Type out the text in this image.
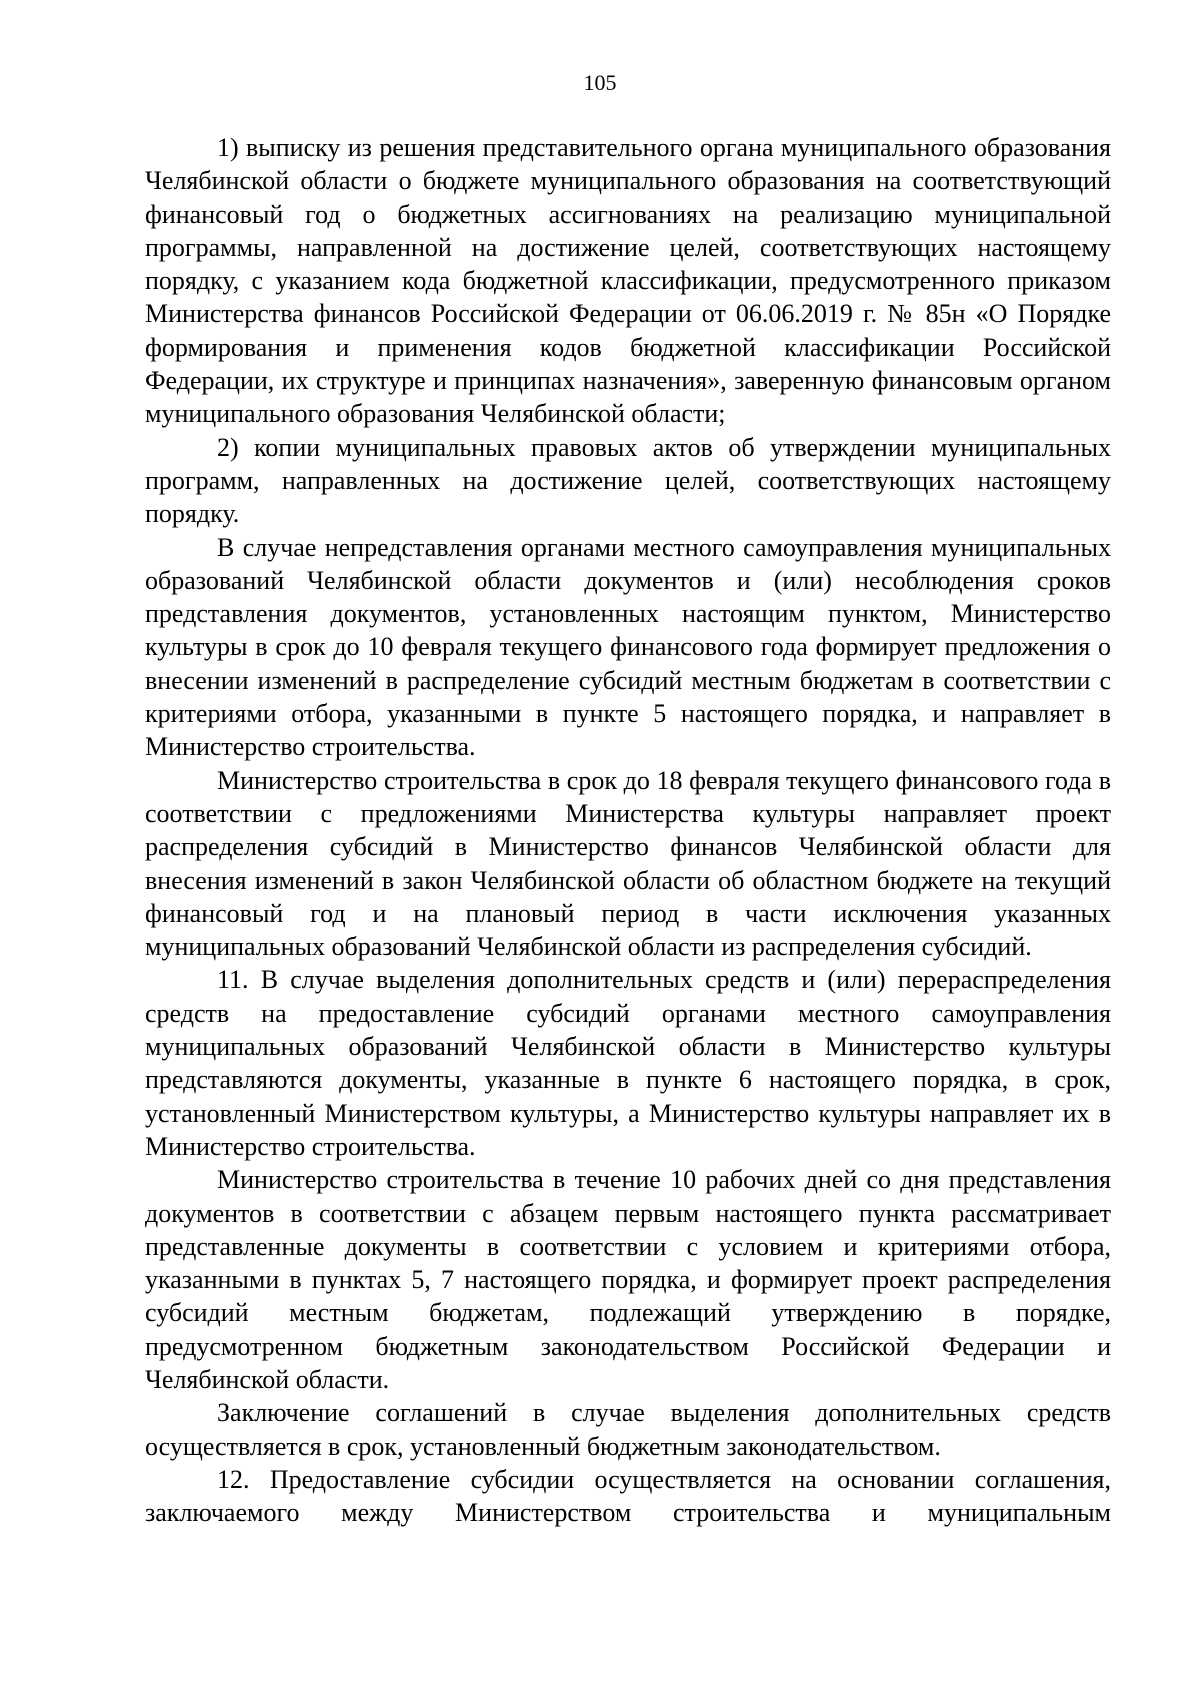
105

1) выписку из решения представительного органа муниципального образования Челябинской области о бюджете муниципального образования на соответствующий финансовый год о бюджетных ассигнованиях на реализацию муниципальной программы, направленной на достижение целей, соответствующих настоящему порядку, с указанием кода бюджетной классификации, предусмотренного приказом Министерства финансов Российской Федерации от 06.06.2019 г. № 85н «О Порядке формирования и применения кодов бюджетной классификации Российской Федерации, их структуре и принципах назначения», заверенную финансовым органом муниципального образования Челябинской области;

2) копии муниципальных правовых актов об утверждении муниципальных программ, направленных на достижение целей, соответствующих настоящему порядку.

В случае непредставления органами местного самоуправления муниципальных образований Челябинской области документов и (или) несоблюдения сроков представления документов, установленных настоящим пунктом, Министерство культуры в срок до 10 февраля текущего финансового года формирует предложения о внесении изменений в распределение субсидий местным бюджетам в соответствии с критериями отбора, указанными в пункте 5 настоящего порядка, и направляет в Министерство строительства.

Министерство строительства в срок до 18 февраля текущего финансового года в соответствии с предложениями Министерства культуры направляет проект распределения субсидий в Министерство финансов Челябинской области для внесения изменений в закон Челябинской области об областном бюджете на текущий финансовый год и на плановый период в части исключения указанных муниципальных образований Челябинской области из распределения субсидий.

11. В случае выделения дополнительных средств и (или) перераспределения средств на предоставление субсидий органами местного самоуправления муниципальных образований Челябинской области в Министерство культуры представляются документы, указанные в пункте 6 настоящего порядка, в срок, установленный Министерством культуры, а Министерство культуры направляет их в Министерство строительства.

Министерство строительства в течение 10 рабочих дней со дня представления документов в соответствии с абзацем первым настоящего пункта рассматривает представленные документы в соответствии с условием и критериями отбора, указанными в пунктах 5, 7 настоящего порядка, и формирует проект распределения субсидий местным бюджетам, подлежащий утверждению в порядке, предусмотренном бюджетным законодательством Российской Федерации и Челябинской области.

Заключение соглашений в случае выделения дополнительных средств осуществляется в срок, установленный бюджетным законодательством.

12. Предоставление субсидии осуществляется на основании соглашения, заключаемого между Министерством строительства и муниципальным
